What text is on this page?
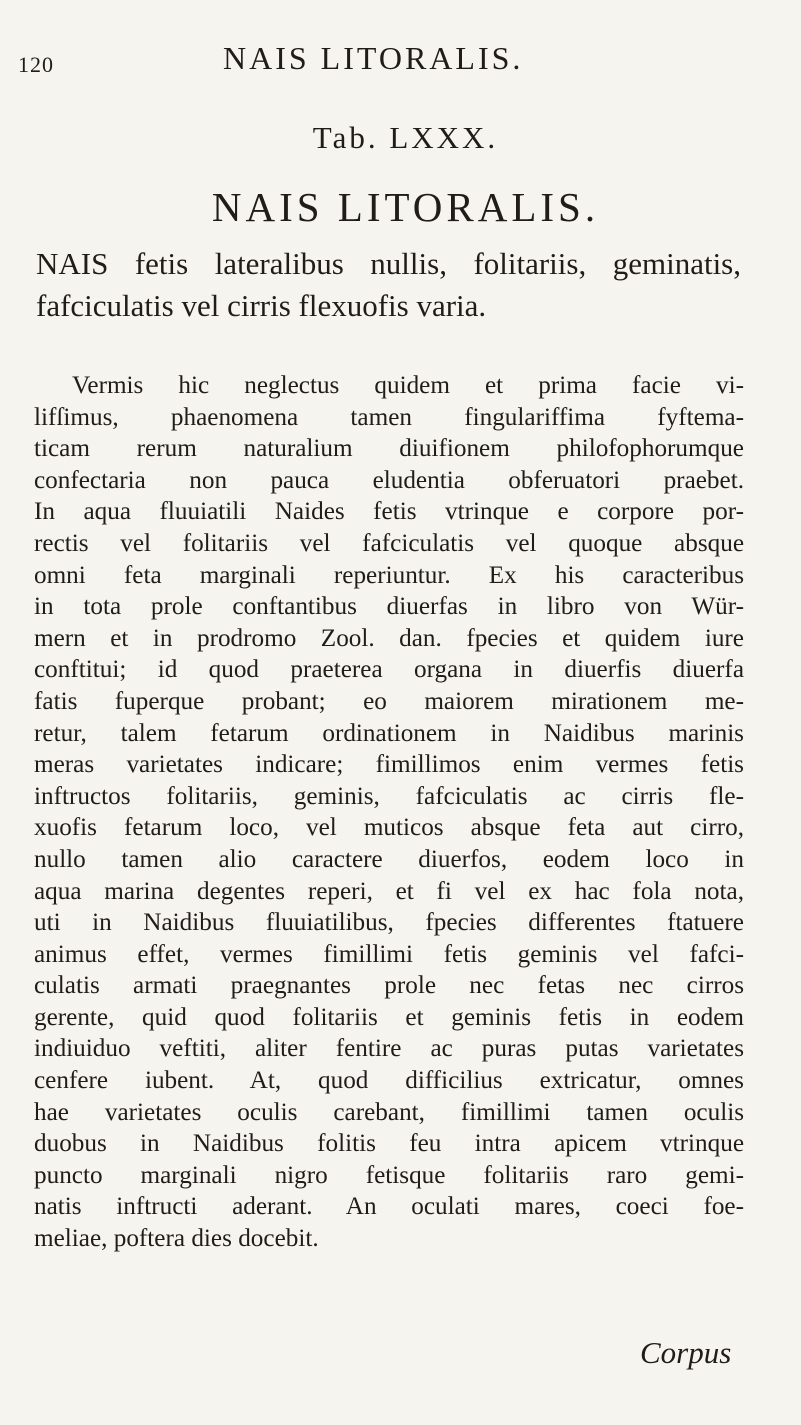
120	NAIS LITORALIS.
Tab. LXXX.
NAIS LITORALIS.
NAIS fetis lateralibus nullis, folitariis, geminatis, fafciculatis vel cirris flexuofis varia.
Vermis hic neglectus quidem et prima facie vi-
lifſimus, phaenomena tamen fingulariffima fyftema-
ticam rerum naturalium diuifionem philofophorumque
confectaria non pauca eludentia obferuatori praebet.
In aqua fluuiatili Naides fetis vtrinque e corpore por-
rectis vel folitariis vel fafciculatis vel quoque absque
omni feta marginali reperiuntur. Ex his caracteribus
in tota prole conftantibus diuerfas in libro von Wür-
mern et in prodromo Zool. dan. fpecies et quidem iure
conftitui; id quod praeterea organa in diuerfis diuerfa
fatis fuperque probant; eo maiorem mirationem me-
retur, talem fetarum ordinationem in Naidibus marinis
meras varietates indicare; fimillimos enim vermes fetis
inftructos folitariis, geminis, fafciculatis ac cirris fle-
xuofis fetarum loco, vel muticos absque feta aut cirro,
nullo tamen alio caractere diuerfos, eodem loco in
aqua marina degentes reperi, et fi vel ex hac fola nota,
uti in Naidibus fluuiatilibus, fpecies differentes ftatuere
animus effet, vermes fimillimi fetis geminis vel fafci-
culatis armati praegnantes prole nec fetas nec cirros
gerente, quid quod folitariis et geminis fetis in eodem
indiuiduo veftiti, aliter fentire ac puras putas varietates
cenfere iubent. At, quod difficilius extricatur, omnes
hae varietates oculis carebant, fimillimi tamen oculis
duobus in Naidibus folitis feu intra apicem vtrinque
puncto marginali nigro fetisque folitariis raro gemi-
natis inftructi aderant. An oculati mares, coeci foe-
meliae, poftera dies docebit.
Corpus
